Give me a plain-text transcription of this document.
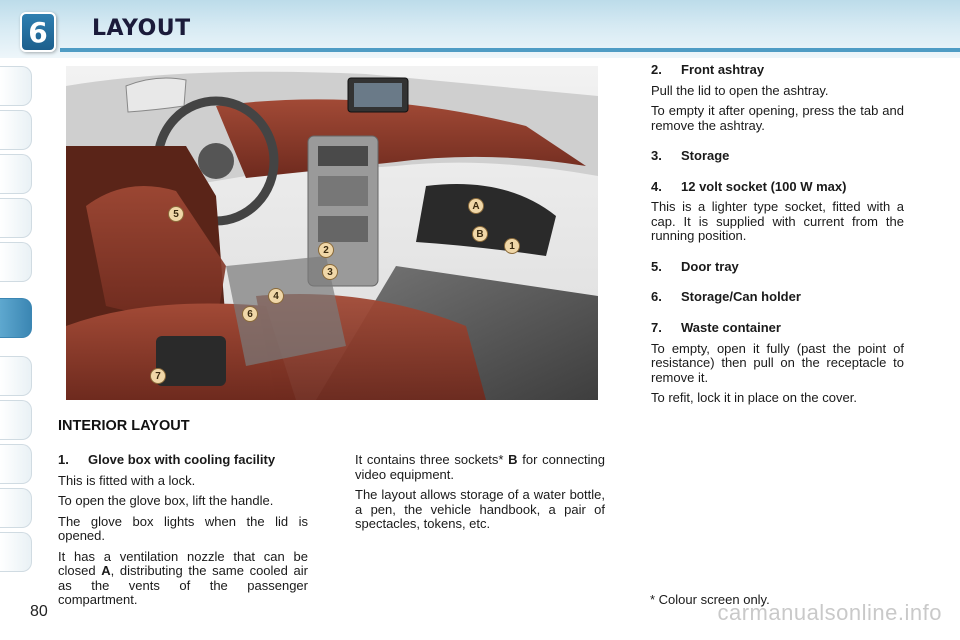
6	LAYOUT
1
2
3
4
5
6
7
A
B
INTERIOR LAYOUT
1. Glove box with cooling facility

This is fitted with a lock.

To open the glove box, lift the handle.

The glove box lights when the lid is opened.

It has a ventilation nozzle that can be closed A, distributing the same cooled air as the vents of the passenger compartment.

It contains three sockets* B for connecting video equipment.

The layout allows storage of a water bottle, a pen, the vehicle handbook, a pair of spectacles, tokens, etc.

2. Front ashtray

Pull the lid to open the ashtray.

To empty it after opening, press the tab and remove the ashtray.

3. Storage
4. 12 volt socket (100 W max)

This is a lighter type socket, fitted with a cap. It is supplied with current from the running position.

5. Door tray
6. Storage/Can holder
7. Waste container

To empty, open it fully (past the point of resistance) then pull on the receptacle to remove it.

To refit, lock it in place on the cover.

* Colour screen only.
80	carmanualsonline.info
